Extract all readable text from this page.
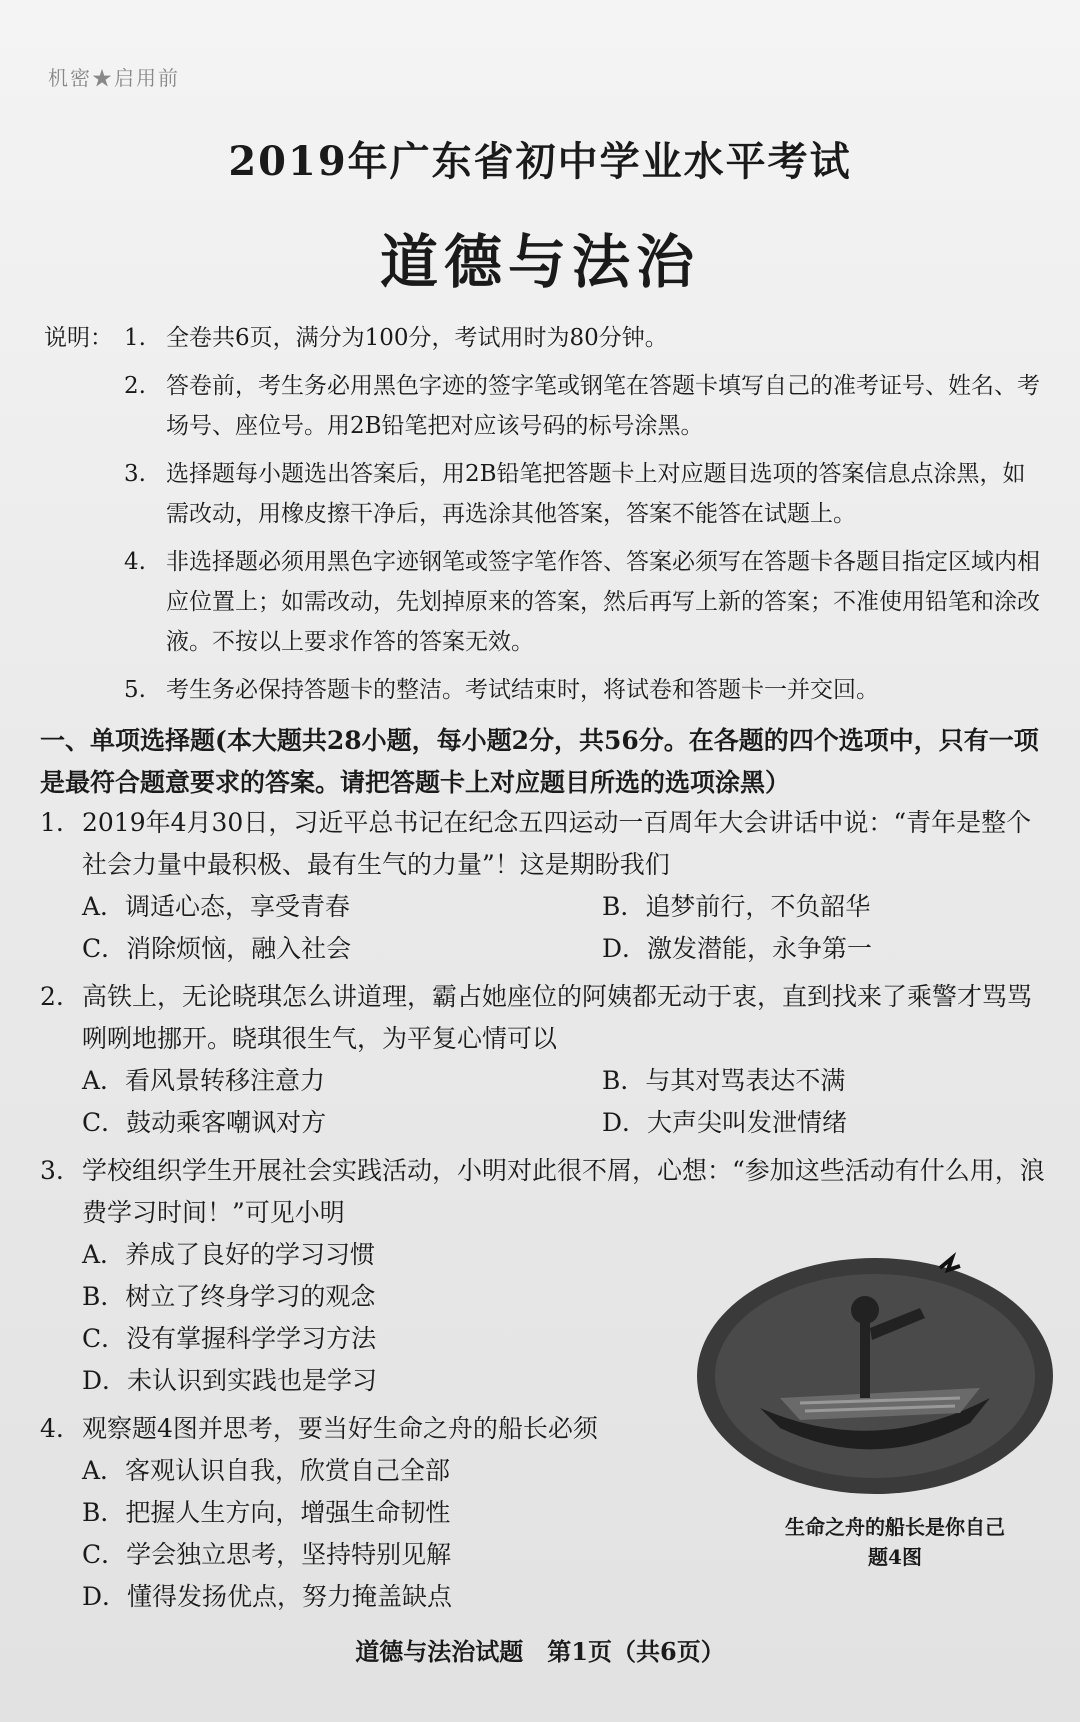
机密★启用前
2019年广东省初中学业水平考试
道德与法治
说明： 1. 全卷共6页，满分为100分，考试用时为80分钟。
2. 答卷前，考生务必用黑色字迹的签字笔或钢笔在答题卡填写自己的准考证号、姓名、考场号、座位号。用2B铅笔把对应该号码的标号涂黑。
3. 选择题每小题选出答案后，用2B铅笔把答题卡上对应题目选项的答案信息点涂黑，如需改动，用橡皮擦干净后，再选涂其他答案，答案不能答在试题上。
4. 非选择题必须用黑色字迹钢笔或签字笔作答、答案必须写在答题卡各题目指定区域内相应位置上；如需改动，先划掉原来的答案，然后再写上新的答案；不准使用铅笔和涂改液。不按以上要求作答的答案无效。
5. 考生务必保持答题卡的整洁。考试结束时，将试卷和答题卡一并交回。
一、单项选择题(本大题共28小题，每小题2分，共56分。在各题的四个选项中，只有一项是最符合题意要求的答案。请把答题卡上对应题目所选的选项涂黑）
1. 2019年4月30日，习近平总书记在纪念五四运动一百周年大会讲话中说：“青年是整个社会力量中最积极、最有生气的力量”！这是期盼我们
A．调适心态，享受青春	B．追梦前行，不负韶华
C．消除烦恼，融入社会	D．激发潜能，永争第一
2. 高铁上，无论晓琪怎么讲道理，霸占她座位的阿姨都无动于衷，直到找来了乘警才骂骂咧咧地挪开。晓琪很生气，为平复心情可以
A．看风景转移注意力	B．与其对骂表达不满
C．鼓动乘客嘲讽对方	D．大声尖叫发泄情绪
3. 学校组织学生开展社会实践活动，小明对此很不屑，心想：“参加这些活动有什么用，浪费学习时间！”可见小明
A．养成了良好的学习习惯
B．树立了终身学习的观念
C．没有掌握科学学习方法
D．未认识到实践也是学习
4. 观察题4图并思考，要当好生命之舟的船长必须
A．客观认识自我，欣赏自己全部
B．把握人生方向，增强生命韧性
C．学会独立思考，坚持特别见解
D．懂得发扬优点，努力掩盖缺点
生命之舟的船长是你自己
题4图
道德与法治试题　第1页（共6页）
